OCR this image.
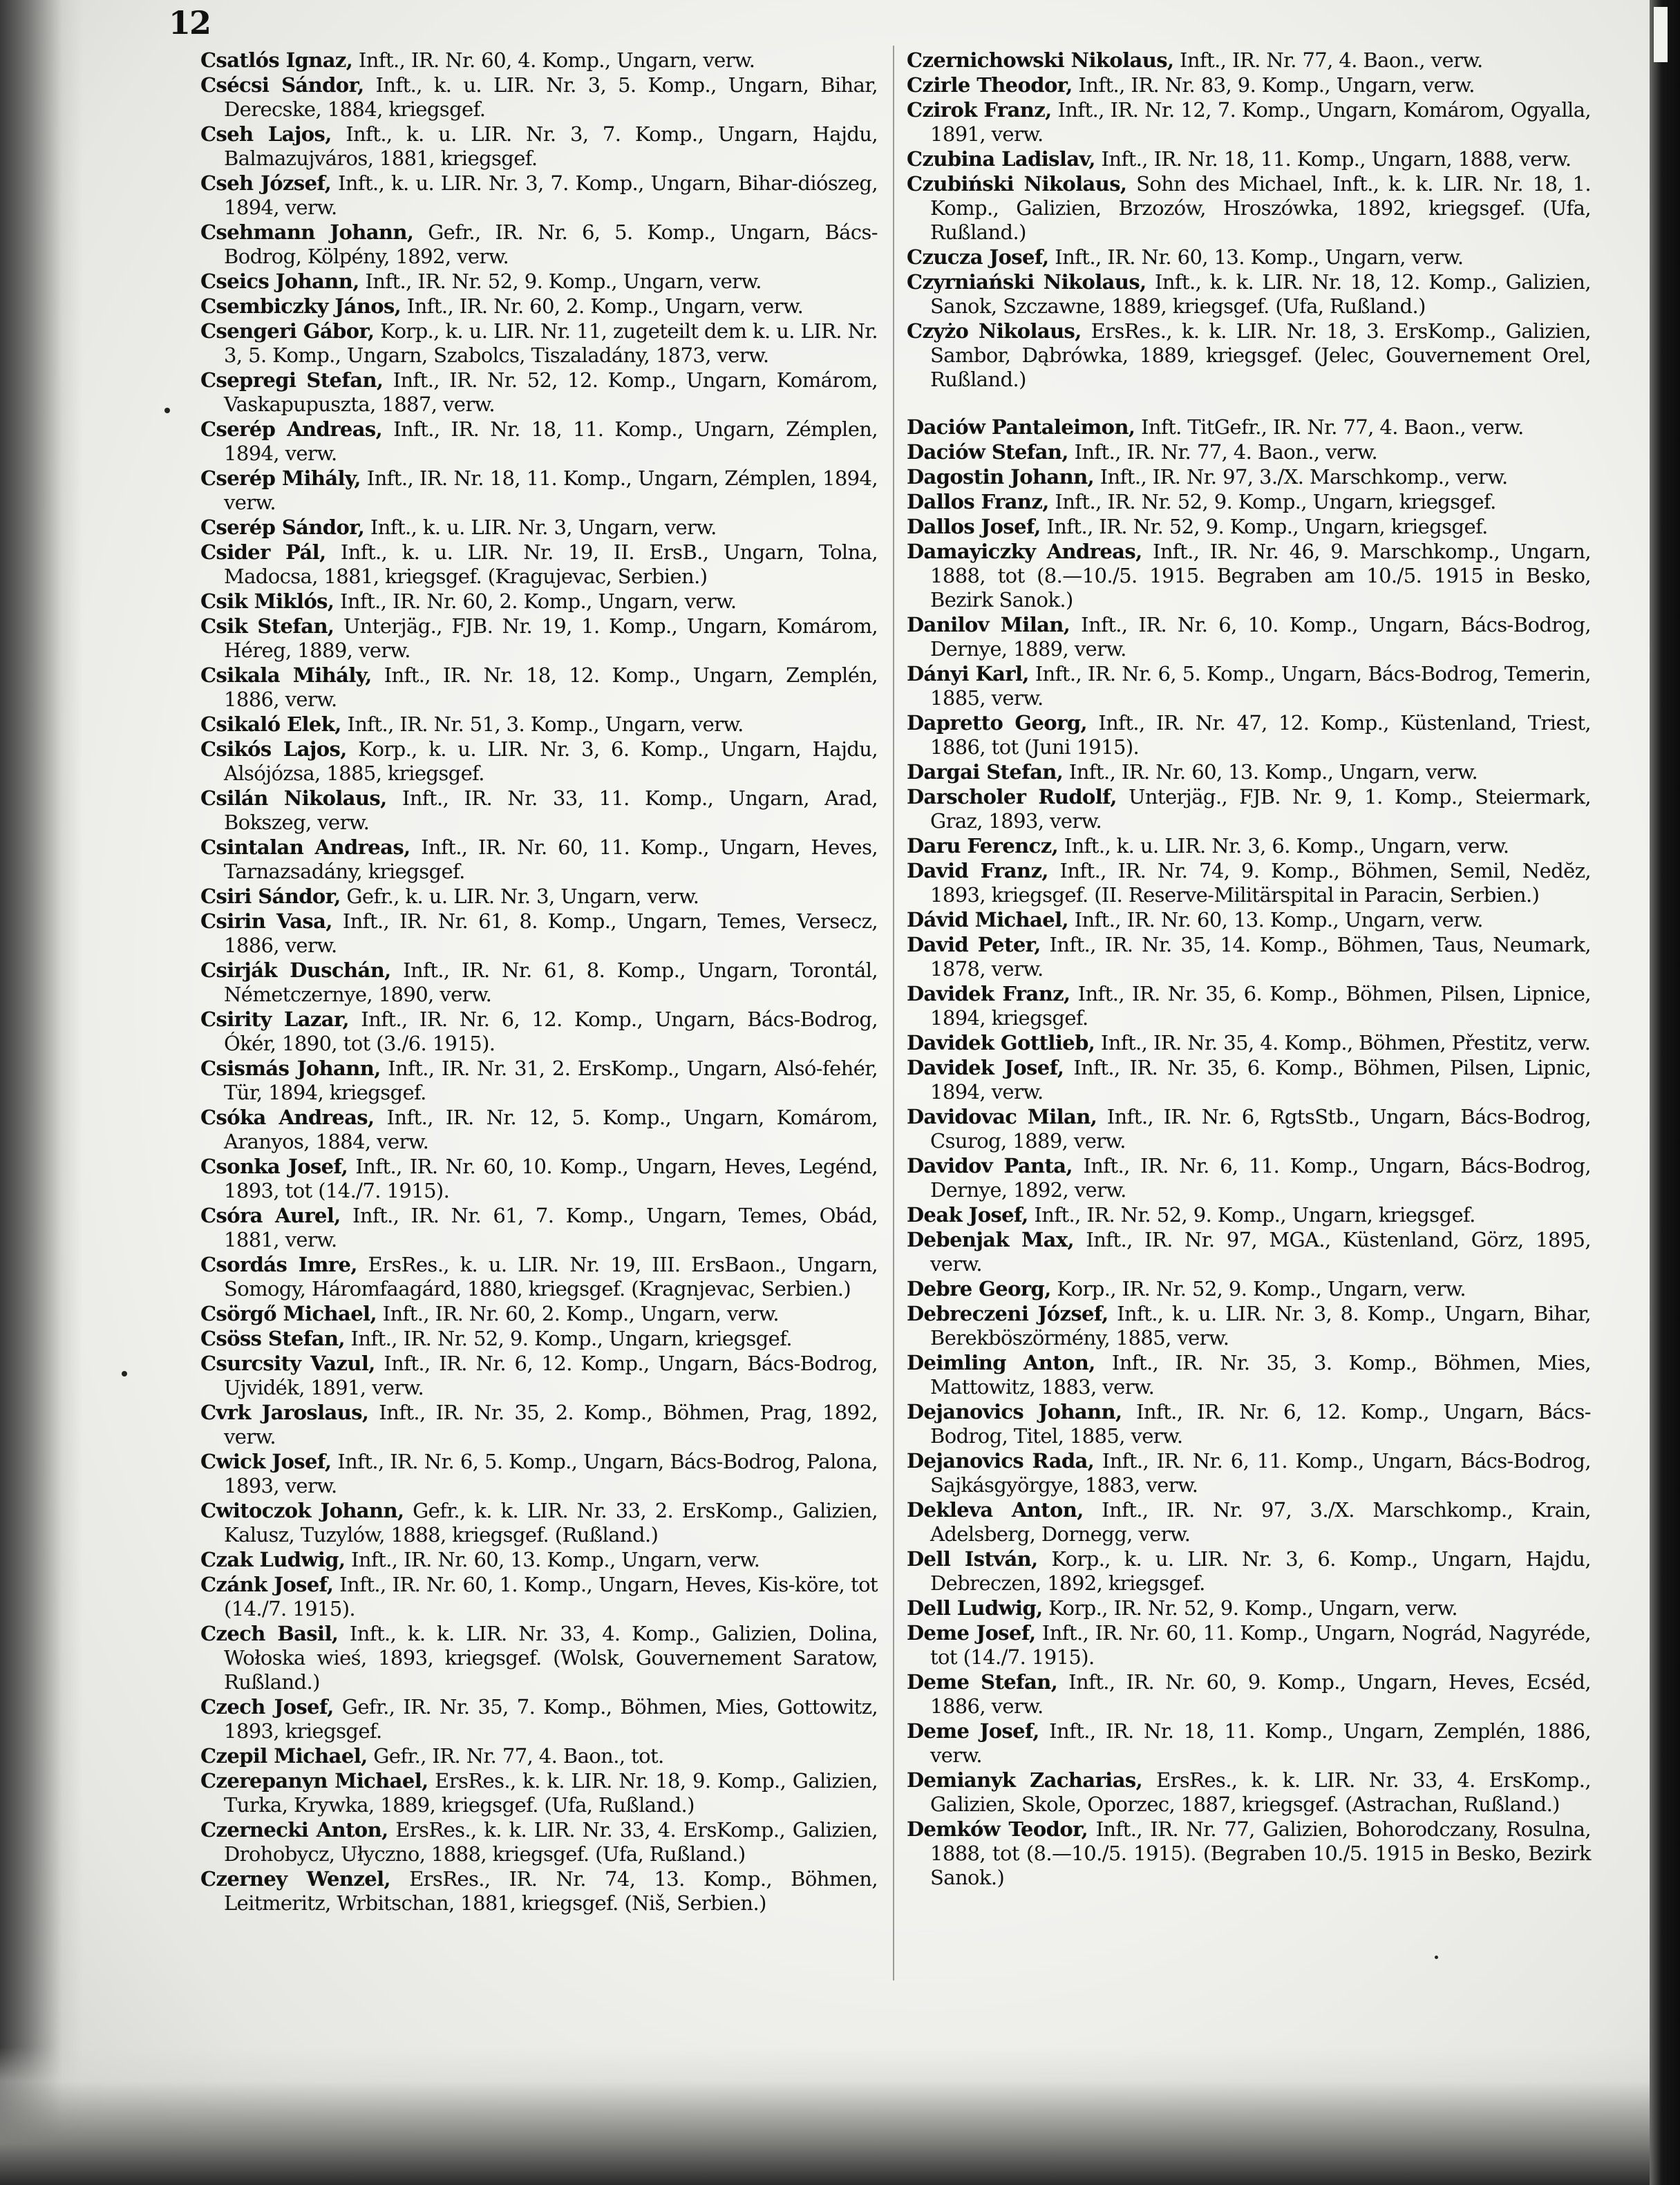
12
Csatlós Ignaz, Inft., IR. Nr. 60, 4. Komp., Ungarn, verw.
Csécsi Sándor, Inft., k. u. LIR. Nr. 3, 5. Komp., Ungarn, Bihar, Derecske, 1884, kriegsgef.
Cseh Lajos, Inft., k. u. LIR. Nr. 3, 7. Komp., Ungarn, Hajdu, Balmazujváros, 1881, kriegsgef.
Cseh József, Inft., k. u. LIR. Nr. 3, 7. Komp., Ungarn, Bihar-diószeg, 1894, verw.
Csehmann Johann, Gefr., IR. Nr. 6, 5. Komp., Ungarn, Bács-Bodrog, Kölpény, 1892, verw.
Cseics Johann, Inft., IR. Nr. 52, 9. Komp., Ungarn, verw.
Csembiczky János, Inft., IR. Nr. 60, 2. Komp., Ungarn, verw.
Csengeri Gábor, Korp., k. u. LIR. Nr. 11, zugeteilt dem k. u. LIR. Nr. 3, 5. Komp., Ungarn, Szabolcs, Tiszaladány, 1873, verw.
Csepregi Stefan, Inft., IR. Nr. 52, 12. Komp., Ungarn, Komárom, Vaskapupuszta, 1887, verw.
Cserép Andreas, Inft., IR. Nr. 18, 11. Komp., Ungarn, Zémplen, 1894, verw.
Cserép Mihály, Inft., IR. Nr. 18, 11. Komp., Ungarn, Zémplen, 1894, verw.
Cserép Sándor, Inft., k. u. LIR. Nr. 3, Ungarn, verw.
Csider Pál, Inft., k. u. LIR. Nr. 19, II. ErsB., Ungarn, Tolna, Madocsa, 1881, kriegsgef. (Kragujevac, Serbien.)
Csik Miklós, Inft., IR. Nr. 60, 2. Komp., Ungarn, verw.
Csik Stefan, Unterjäg., FJB. Nr. 19, 1. Komp., Ungarn, Komárom, Héreg, 1889, verw.
Csikala Mihály, Inft., IR. Nr. 18, 12. Komp., Ungarn, Zemplén, 1886, verw.
Csikaló Elek, Inft., IR. Nr. 51, 3. Komp., Ungarn, verw.
Csikós Lajos, Korp., k. u. LIR. Nr. 3, 6. Komp., Ungarn, Hajdu, Alsójózsa, 1885, kriegsgef.
Csilán Nikolaus, Inft., IR. Nr. 33, 11. Komp., Ungarn, Arad, Bokszeg, verw.
Csintalan Andreas, Inft., IR. Nr. 60, 11. Komp., Ungarn, Heves, Tarnazsadány, kriegsgef.
Csiri Sándor, Gefr., k. u. LIR. Nr. 3, Ungarn, verw.
Csirin Vasa, Inft., IR. Nr. 61, 8. Komp., Ungarn, Temes, Versecz, 1886, verw.
Csirják Duschán, Inft., IR. Nr. 61, 8. Komp., Ungarn, Torontál, Németczernye, 1890, verw.
Csirity Lazar, Inft., IR. Nr. 6, 12. Komp., Ungarn, Bács-Bodrog, Ókér, 1890, tot (3./6. 1915).
Csismás Johann, Inft., IR. Nr. 31, 2. ErsKomp., Ungarn, Alsó-fehér, Tür, 1894, kriegsgef.
Csóka Andreas, Inft., IR. Nr. 12, 5. Komp., Ungarn, Komárom, Aranyos, 1884, verw.
Csonka Josef, Inft., IR. Nr. 60, 10. Komp., Ungarn, Heves, Legénd, 1893, tot (14./7. 1915).
Csóra Aurel, Inft., IR. Nr. 61, 7. Komp., Ungarn, Temes, Obád, 1881, verw.
Csordás Imre, ErsRes., k. u. LIR. Nr. 19, III. ErsBaon., Ungarn, Somogy, Háromfaagárd, 1880, kriegsgef. (Kragnjevac, Serbien.)
Csörgő Michael, Inft., IR. Nr. 60, 2. Komp., Ungarn, verw.
Csöss Stefan, Inft., IR. Nr. 52, 9. Komp., Ungarn, kriegsgef.
Csurcsity Vazul, Inft., IR. Nr. 6, 12. Komp., Ungarn, Bács-Bodrog, Ujvidék, 1891, verw.
Cvrk Jaroslaus, Inft., IR. Nr. 35, 2. Komp., Böhmen, Prag, 1892, verw.
Cwick Josef, Inft., IR. Nr. 6, 5. Komp., Ungarn, Bács-Bodrog, Palona, 1893, verw.
Cwitoczok Johann, Gefr., k. k. LIR. Nr. 33, 2. ErsKomp., Galizien, Kalusz, Tuzylów, 1888, kriegsgef. (Rußland.)
Czak Ludwig, Inft., IR. Nr. 60, 13. Komp., Ungarn, verw.
Czánk Josef, Inft., IR. Nr. 60, 1. Komp., Ungarn, Heves, Kis-köre, tot (14./7. 1915).
Czech Basil, Inft., k. k. LIR. Nr. 33, 4. Komp., Galizien, Dolina, Wołoska wieś, 1893, kriegsgef. (Wolsk, Gouvernement Saratow, Rußland.)
Czech Josef, Gefr., IR. Nr. 35, 7. Komp., Böhmen, Mies, Gottowitz, 1893, kriegsgef.
Czepil Michael, Gefr., IR. Nr. 77, 4. Baon., tot.
Czerepanyn Michael, ErsRes., k. k. LIR. Nr. 18, 9. Komp., Galizien, Turka, Krywka, 1889, kriegsgef. (Ufa, Rußland.)
Czernecki Anton, ErsRes., k. k. LIR. Nr. 33, 4. ErsKomp., Galizien, Drohobycz, Ułyczno, 1888, kriegsgef. (Ufa, Rußland.)
Czerney Wenzel, ErsRes., IR. Nr. 74, 13. Komp., Böhmen, Leitmeritz, Wrbitschan, 1881, kriegsgef. (Niš, Serbien.)
Czernichowski Nikolaus, Inft., IR. Nr. 77, 4. Baon., verw.
Czirle Theodor, Inft., IR. Nr. 83, 9. Komp., Ungarn, verw.
Czirok Franz, Inft., IR. Nr. 12, 7. Komp., Ungarn, Komárom, Ogyalla, 1891, verw.
Czubina Ladislav, Inft., IR. Nr. 18, 11. Komp., Ungarn, 1888, verw.
Czubiński Nikolaus, Sohn des Michael, Inft., k. k. LIR. Nr. 18, 1. Komp., Galizien, Brzozów, Hroszówka, 1892, kriegsgef. (Ufa, Rußland.)
Czucza Josef, Inft., IR. Nr. 60, 13. Komp., Ungarn, verw.
Czyrniański Nikolaus, Inft., k. k. LIR. Nr. 18, 12. Komp., Galizien, Sanok, Szczawne, 1889, kriegsgef. (Ufa, Rußland.)
Czyżo Nikolaus, ErsRes., k. k. LIR. Nr. 18, 3. ErsKomp., Galizien, Sambor, Dąbrówka, 1889, kriegsgef. (Jelec, Gouvernement Orel, Rußland.)
Daciów Pantaleimon, Inft. TitGefr., IR. Nr. 77, 4. Baon., verw.
Daciów Stefan, Inft., IR. Nr. 77, 4. Baon., verw.
Dagostin Johann, Inft., IR. Nr. 97, 3./X. Marschkomp., verw.
Dallos Franz, Inft., IR. Nr. 52, 9. Komp., Ungarn, kriegsgef.
Dallos Josef, Inft., IR. Nr. 52, 9. Komp., Ungarn, kriegsgef.
Damayiczky Andreas, Inft., IR. Nr. 46, 9. Marschkomp., Ungarn, 1888, tot (8.—10./5. 1915. Begraben am 10./5. 1915 in Besko, Bezirk Sanok.)
Danilov Milan, Inft., IR. Nr. 6, 10. Komp., Ungarn, Bács-Bodrog, Dernye, 1889, verw.
Dányi Karl, Inft., IR. Nr. 6, 5. Komp., Ungarn, Bács-Bodrog, Temerin, 1885, verw.
Dapretto Georg, Inft., IR. Nr. 47, 12. Komp., Küstenland, Triest, 1886, tot (Juni 1915).
Dargai Stefan, Inft., IR. Nr. 60, 13. Komp., Ungarn, verw.
Darscholer Rudolf, Unterjäg., FJB. Nr. 9, 1. Komp., Steiermark, Graz, 1893, verw.
Daru Ferencz, Inft., k. u. LIR. Nr. 3, 6. Komp., Ungarn, verw.
David Franz, Inft., IR. Nr. 74, 9. Komp., Böhmen, Semil, Nedĕz, 1893, kriegsgef. (II. Reserve-Militärspital in Paracin, Serbien.)
Dávid Michael, Inft., IR. Nr. 60, 13. Komp., Ungarn, verw.
David Peter, Inft., IR. Nr. 35, 14. Komp., Böhmen, Taus, Neumark, 1878, verw.
Davidek Franz, Inft., IR. Nr. 35, 6. Komp., Böhmen, Pilsen, Lipnice, 1894, kriegsgef.
Davidek Gottlieb, Inft., IR. Nr. 35, 4. Komp., Böhmen, Přestitz, verw.
Davidek Josef, Inft., IR. Nr. 35, 6. Komp., Böhmen, Pilsen, Lipnic, 1894, verw.
Davidovac Milan, Inft., IR. Nr. 6, RgtsStb., Ungarn, Bács-Bodrog, Csurog, 1889, verw.
Davidov Panta, Inft., IR. Nr. 6, 11. Komp., Ungarn, Bács-Bodrog, Dernye, 1892, verw.
Deak Josef, Inft., IR. Nr. 52, 9. Komp., Ungarn, kriegsgef.
Debenjak Max, Inft., IR. Nr. 97, MGA., Küstenland, Görz, 1895, verw.
Debre Georg, Korp., IR. Nr. 52, 9. Komp., Ungarn, verw.
Debreczeni József, Inft., k. u. LIR. Nr. 3, 8. Komp., Ungarn, Bihar, Berekböszörmény, 1885, verw.
Deimling Anton, Inft., IR. Nr. 35, 3. Komp., Böhmen, Mies, Mattowitz, 1883, verw.
Dejanovics Johann, Inft., IR. Nr. 6, 12. Komp., Ungarn, Bács-Bodrog, Titel, 1885, verw.
Dejanovics Rada, Inft., IR. Nr. 6, 11. Komp., Ungarn, Bács-Bodrog, Sajkásgyörgye, 1883, verw.
Dekleva Anton, Inft., IR. Nr. 97, 3./X. Marschkomp., Krain, Adelsberg, Dornegg, verw.
Dell István, Korp., k. u. LIR. Nr. 3, 6. Komp., Ungarn, Hajdu, Debreczen, 1892, kriegsgef.
Dell Ludwig, Korp., IR. Nr. 52, 9. Komp., Ungarn, verw.
Deme Josef, Inft., IR. Nr. 60, 11. Komp., Ungarn, Nográd, Nagyréde, tot (14./7. 1915).
Deme Stefan, Inft., IR. Nr. 60, 9. Komp., Ungarn, Heves, Ecséd, 1886, verw.
Deme Josef, Inft., IR. Nr. 18, 11. Komp., Ungarn, Zemplén, 1886, verw.
Demianyk Zacharias, ErsRes., k. k. LIR. Nr. 33, 4. ErsKomp., Galizien, Skole, Oporzec, 1887, kriegsgef. (Astrachan, Rußland.)
Demków Teodor, Inft., IR. Nr. 77, Galizien, Bohorodczany, Rosulna, 1888, tot (8.—10./5. 1915). (Begraben 10./5. 1915 in Besko, Bezirk Sanok.)
